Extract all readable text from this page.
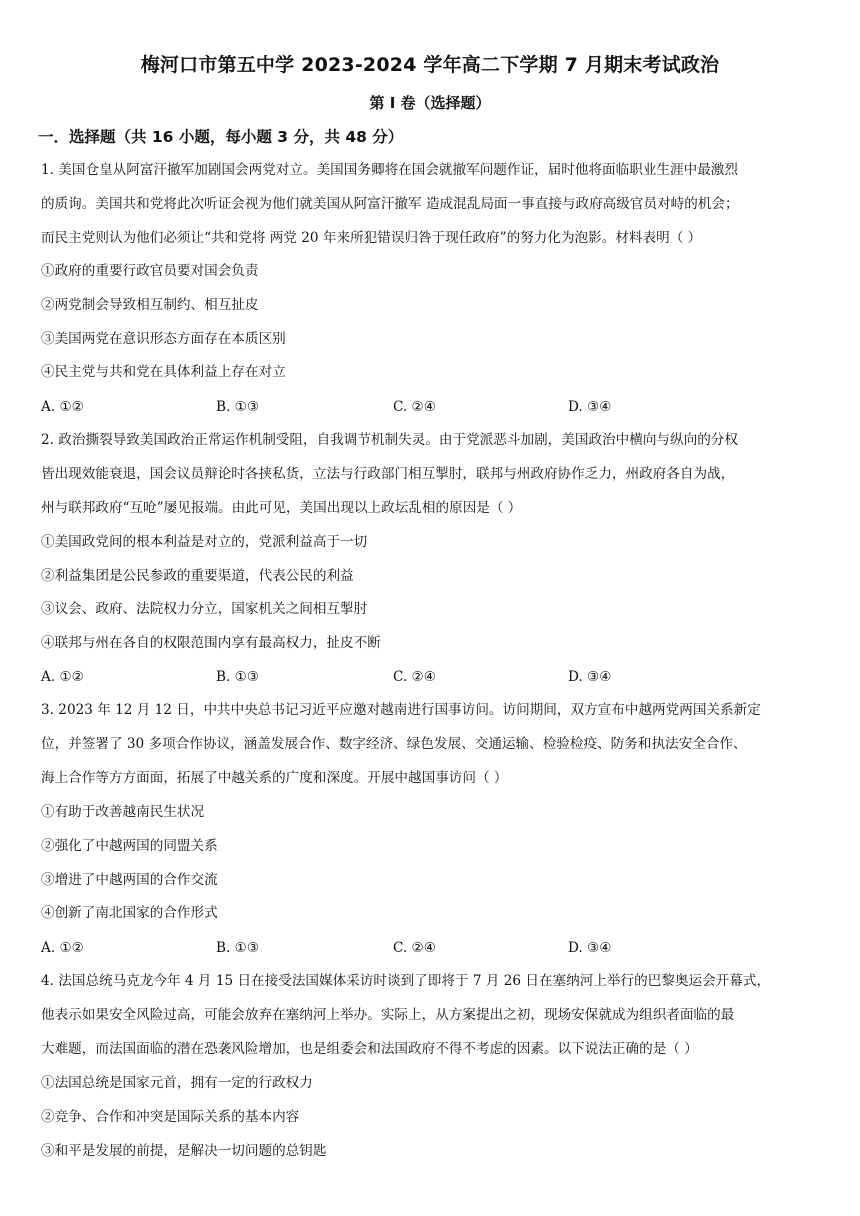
梅河口市第五中学 2023-2024 学年高二下学期 7 月期末考试政治
第 I 卷（选择题）
一．选择题（共 16 小题，每小题 3 分，共 48 分）
1. 美国仓皇从阿富汗撤军加剧国会两党对立。美国国务卿将在国会就撤军问题作证，届时他将面临职业生涯中最激烈
的质询。美国共和党将此次听证会视为他们就美国从阿富汗撤军 造成混乱局面一事直接与政府高级官员对峙的机会；
而民主党则认为他们必须让“共和党将 两党 20 年来所犯错误归咎于现任政府”的努力化为泡影。材料表明（ ）
①政府的重要行政官员要对国会负责
②两党制会导致相互制约、相互扯皮
③美国两党在意识形态方面存在本质区别
④民主党与共和党在具体利益上存在对立
A. ①②	B. ①③	C. ②④	D. ③④
2. 政治撕裂导致美国政治正常运作机制受阻，自我调节机制失灵。由于党派恶斗加剧，美国政治中横向与纵向的分权
皆出现效能衰退，国会议员辩论时各挟私货，立法与行政部门相互掣肘，联邦与州政府协作乏力，州政府各自为战，
州与联邦政府“互呛”屡见报端。由此可见，美国出现以上政坛乱相的原因是（ ）
①美国政党间的根本利益是对立的，党派利益高于一切
②利益集团是公民参政的重要渠道，代表公民的利益
③议会、政府、法院权力分立，国家机关之间相互掣肘
④联邦与州在各自的权限范围内享有最高权力，扯皮不断
A. ①②	B. ①③	C. ②④	D. ③④
3. 2023 年 12 月 12 日，中共中央总书记习近平应邀对越南进行国事访问。访问期间，双方宣布中越两党两国关系新定
位，并签署了 30 多项合作协议，涵盖发展合作、数字经济、绿色发展、交通运输、检验检疫、防务和执法安全合作、
海上合作等方方面面，拓展了中越关系的广度和深度。开展中越国事访问（ ）
①有助于改善越南民生状况
②强化了中越两国的同盟关系
③增进了中越两国的合作交流
④创新了南北国家的合作形式
A. ①②	B. ①③	C. ②④	D. ③④
4. 法国总统马克龙今年 4 月 15 日在接受法国媒体采访时谈到了即将于 7 月 26 日在塞纳河上举行的巴黎奥运会开幕式，
他表示如果安全风险过高，可能会放弃在塞纳河上举办。实际上，从方案提出之初，现场安保就成为组织者面临的最
大难题，而法国面临的潜在恐袭风险增加，也是组委会和法国政府不得不考虑的因素。以下说法正确的是（ ）
①法国总统是国家元首，拥有一定的行政权力
②竞争、合作和冲突是国际关系的基本内容
③和平是发展的前提，是解决一切问题的总钥匙
